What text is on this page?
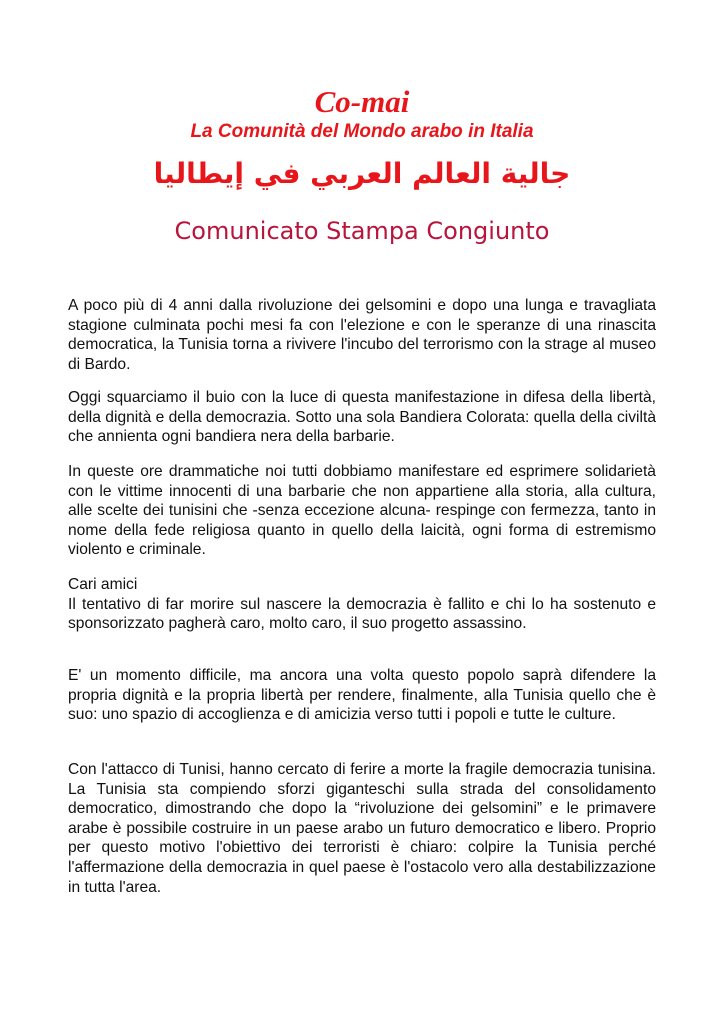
Co-mai
La Comunità del Mondo arabo in Italia
جالية العالم العربي في إيطاليا
Comunicato Stampa Congiunto

A poco più di 4 anni dalla rivoluzione dei gelsomini e dopo una lunga e travagliata stagione culminata pochi mesi fa con l'elezione e con le speranze di una rinascita democratica, la Tunisia torna a rivivere l'incubo del terrorismo con la strage al museo di Bardo.

Oggi squarciamo il buio con la luce di questa manifestazione in difesa della libertà, della dignità e della democrazia. Sotto una sola Bandiera Colorata: quella della civiltà che annienta ogni bandiera nera della barbarie.

In queste ore drammatiche noi tutti dobbiamo manifestare ed esprimere solidarietà con le vittime innocenti di una barbarie che non appartiene alla storia, alla cultura, alle scelte dei tunisini che -senza eccezione alcuna- respinge con fermezza, tanto in nome della fede religiosa quanto in quello della laicità, ogni forma di estremismo violento e criminale.

Cari amici

Il tentativo di far morire sul nascere la democrazia è fallito e chi lo ha sostenuto e sponsorizzato pagherà caro, molto caro, il suo progetto assassino.

E' un momento difficile, ma ancora una volta questo popolo saprà difendere la propria dignità e la propria libertà per rendere, finalmente, alla Tunisia quello che è suo: uno spazio di accoglienza e di amicizia verso tutti i popoli e tutte le culture.

Con l'attacco di Tunisi, hanno cercato di ferire a morte la fragile democrazia tunisina. La Tunisia sta compiendo sforzi giganteschi sulla strada del consolidamento democratico, dimostrando che dopo la “rivoluzione dei gelsomini” e le primavere arabe è possibile costruire in un paese arabo un futuro democratico e libero. Proprio per questo motivo l'obiettivo dei terroristi è chiaro: colpire la Tunisia perché l'affermazione della democrazia in quel paese è l'ostacolo vero alla destabilizzazione in tutta l'area.
